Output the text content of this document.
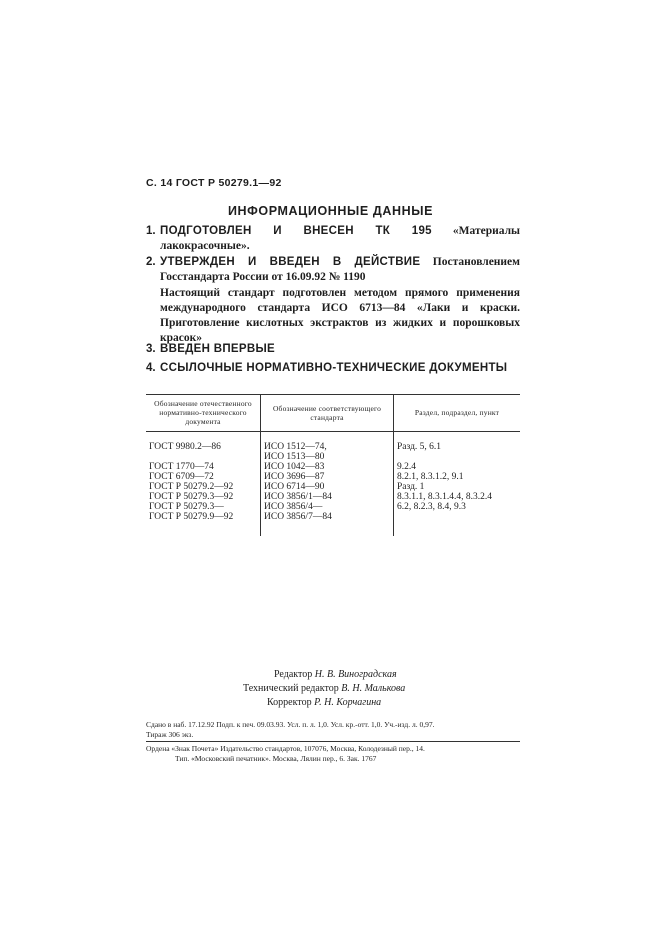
С. 14 ГОСТ Р 50279.1—92
ИНФОРМАЦИОННЫЕ ДАННЫЕ
1. ПОДГОТОВЛЕН И ВНЕСЕН ТК 195 «Материалы лакокрасочные».
2. УТВЕРЖДЕН И ВВЕДЕН В ДЕЙСТВИЕ Постановлением Госстандарта России от 16.09.92 № 1190
Настоящий стандарт подготовлен методом прямого применения международного стандарта ИСО 6713—84 «Лаки и краски. Приготовление кислотных экстрактов из жидких и порошковых красок»
3. ВВЕДЕН ВПЕРВЫЕ
4. ССЫЛОЧНЫЕ НОРМАТИВНО-ТЕХНИЧЕСКИЕ ДОКУМЕНТЫ
Обозначение отечественного нормативно-технического документа	Обозначение соответствующего стандарта	Раздел, подраздел, пункт
ГОСТ 9980.2—86	ИСО 1512—74,	Разд. 5, 6.1
	ИСО 1513—80	
ГОСТ 1770—74	ИСО 1042—83	9.2.4
ГОСТ 6709—72	ИСО 3696—87	8.2.1, 8.3.1.2, 9.1
ГОСТ Р 50279.2—92	ИСО 6714—90	Разд. 1
ГОСТ Р 50279.3—92	ИСО 3856/1—84	8.3.1.1, 8.3.1.4.4, 8.3.2.4
ГОСТ Р 50279.3—	ИСО 3856/4—	6.2, 8.2.3, 8.4, 9.3
ГОСТ Р 50279.9—92	ИСО 3856/7—84	

Редактор Н. В. Виноградская
Технический редактор В. Н. Малькова
Корректор Р. Н. Корчагина
Сдано в наб. 17.12.92 Подп. к печ. 09.03.93. Усл. п. л. 1,0. Усл. кр.-отт. 1,0. Уч.-изд. л. 0,97.
Тираж 306 экз.
Ордена «Знак Почета» Издательство стандартов, 107076, Москва, Колодезный пер., 14.
Тип. «Московский печатник». Москва, Лялин пер., 6. Зак. 1767
